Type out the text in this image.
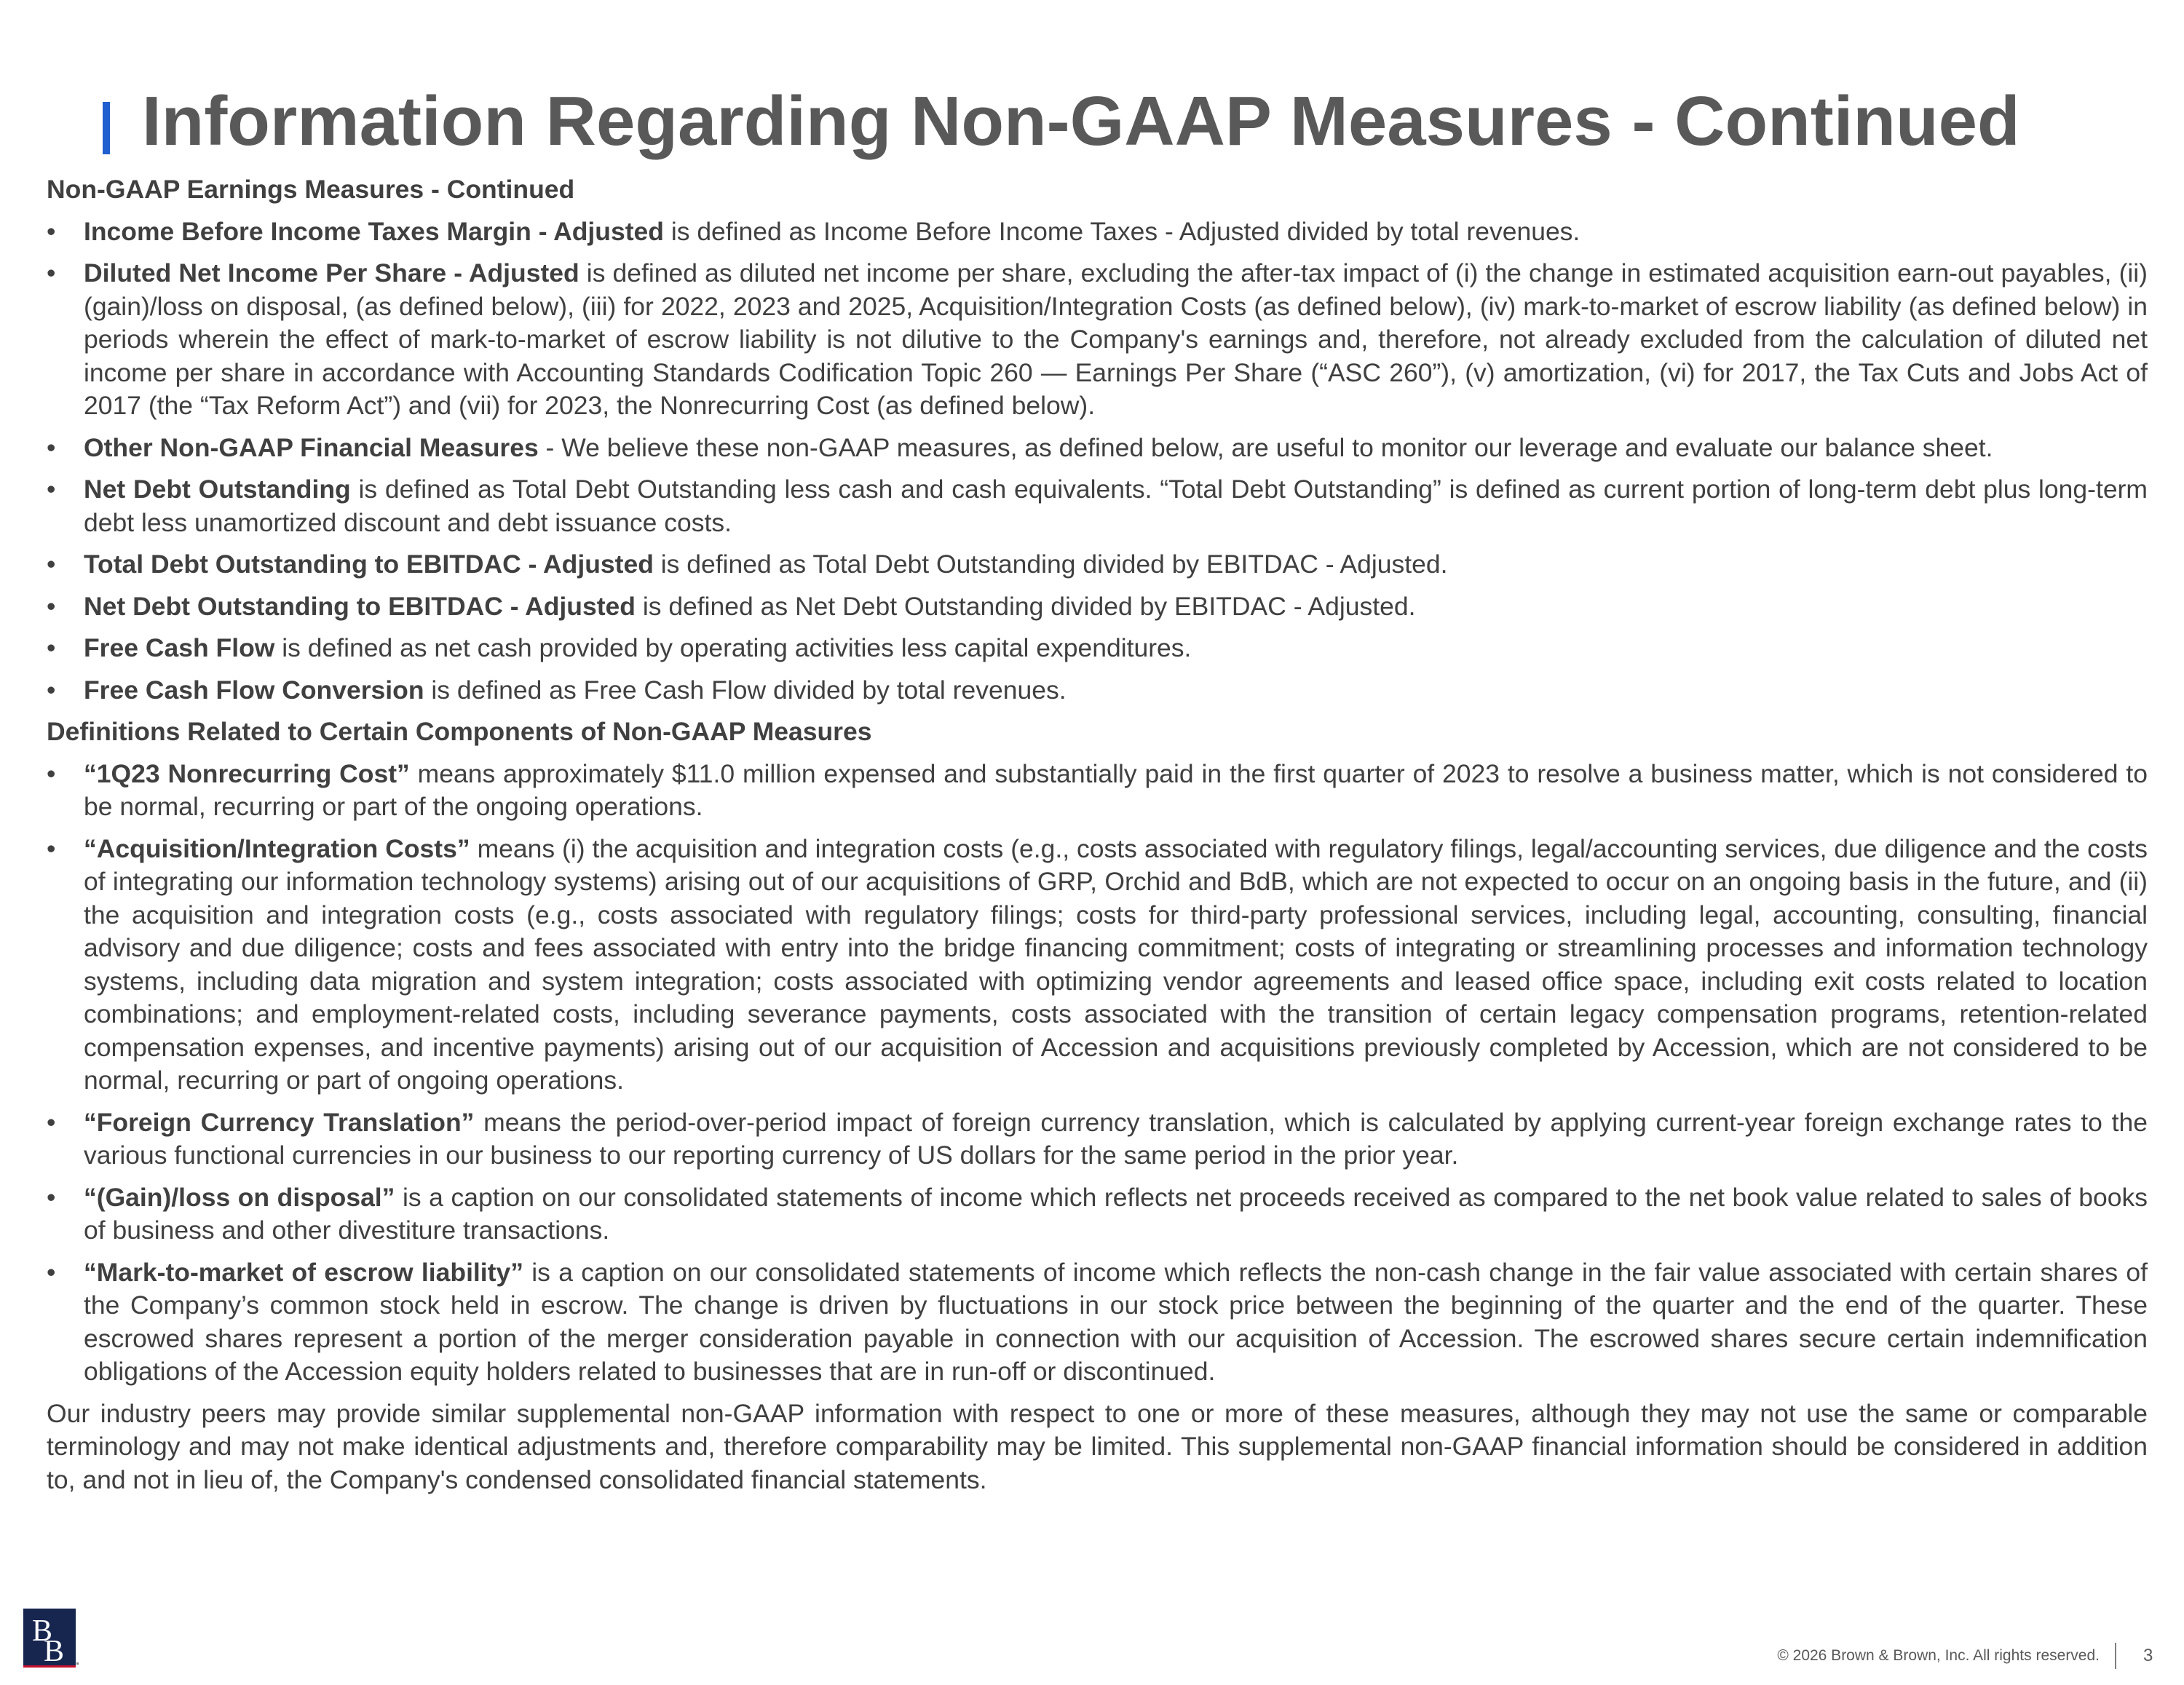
Information Regarding Non-GAAP Measures - Continued

Non-GAAP Earnings Measures - Continued

• Income Before Income Taxes Margin - Adjusted is defined as Income Before Income Taxes - Adjusted divided by total revenues.
• Diluted Net Income Per Share - Adjusted is defined as diluted net income per share, excluding the after-tax impact of (i) the change in estimated acquisition earn-out payables, (ii) (gain)/loss on disposal, (as defined below), (iii) for 2022, 2023 and 2025, Acquisition/Integration Costs (as defined below), (iv) mark-to-market of escrow liability (as defined below) in periods wherein the effect of mark-to-market of escrow liability is not dilutive to the Company's earnings and, therefore, not already excluded from the calculation of diluted net income per share in accordance with Accounting Standards Codification Topic 260 — Earnings Per Share (“ASC 260”), (v) amortization, (vi) for 2017, the Tax Cuts and Jobs Act of 2017 (the “Tax Reform Act”) and (vii) for 2023, the Nonrecurring Cost (as defined below).
• Other Non-GAAP Financial Measures - We believe these non-GAAP measures, as defined below, are useful to monitor our leverage and evaluate our balance sheet.
• Net Debt Outstanding is defined as Total Debt Outstanding less cash and cash equivalents. “Total Debt Outstanding” is defined as current portion of long-term debt plus long-term debt less unamortized discount and debt issuance costs.
• Total Debt Outstanding to EBITDAC - Adjusted is defined as Total Debt Outstanding divided by EBITDAC - Adjusted.
• Net Debt Outstanding to EBITDAC - Adjusted is defined as Net Debt Outstanding divided by EBITDAC - Adjusted.
• Free Cash Flow is defined as net cash provided by operating activities less capital expenditures.
• Free Cash Flow Conversion is defined as Free Cash Flow divided by total revenues.

Definitions Related to Certain Components of Non-GAAP Measures

• “1Q23 Nonrecurring Cost” means approximately $11.0 million expensed and substantially paid in the first quarter of 2023 to resolve a business matter, which is not considered to be normal, recurring or part of the ongoing operations.
• “Acquisition/Integration Costs” means (i) the acquisition and integration costs (e.g., costs associated with regulatory filings, legal/accounting services, due diligence and the costs of integrating our information technology systems) arising out of our acquisitions of GRP, Orchid and BdB, which are not expected to occur on an ongoing basis in the future, and (ii) the acquisition and integration costs (e.g., costs associated with regulatory filings; costs for third-party professional services, including legal, accounting, consulting, financial advisory and due diligence; costs and fees associated with entry into the bridge financing commitment; costs of integrating or streamlining processes and information technology systems, including data migration and system integration; costs associated with optimizing vendor agreements and leased office space, including exit costs related to location combinations; and employment-related costs, including severance payments, costs associated with the transition of certain legacy compensation programs, retention-related compensation expenses, and incentive payments) arising out of our acquisition of Accession and acquisitions previously completed by Accession, which are not considered to be normal, recurring or part of ongoing operations.
• “Foreign Currency Translation” means the period-over-period impact of foreign currency translation, which is calculated by applying current-year foreign exchange rates to the various functional currencies in our business to our reporting currency of US dollars for the same period in the prior year.
• “(Gain)/loss on disposal” is a caption on our consolidated statements of income which reflects net proceeds received as compared to the net book value related to sales of books of business and other divestiture transactions.
• “Mark-to-market of escrow liability” is a caption on our consolidated statements of income which reflects the non-cash change in the fair value associated with certain shares of the Company’s common stock held in escrow. The change is driven by fluctuations in our stock price between the beginning of the quarter and the end of the quarter. These escrowed shares represent a portion of the merger consideration payable in connection with our acquisition of Accession. The escrowed shares secure certain indemnification obligations of the Accession equity holders related to businesses that are in run-off or discontinued.

Our industry peers may provide similar supplemental non-GAAP information with respect to one or more of these measures, although they may not use the same or comparable terminology and may not make identical adjustments and, therefore comparability may be limited. This supplemental non-GAAP financial information should be considered in addition to, and not in lieu of, the Company's condensed consolidated financial statements.

B
B	© 2026 Brown & Brown, Inc. All rights reserved.	3
